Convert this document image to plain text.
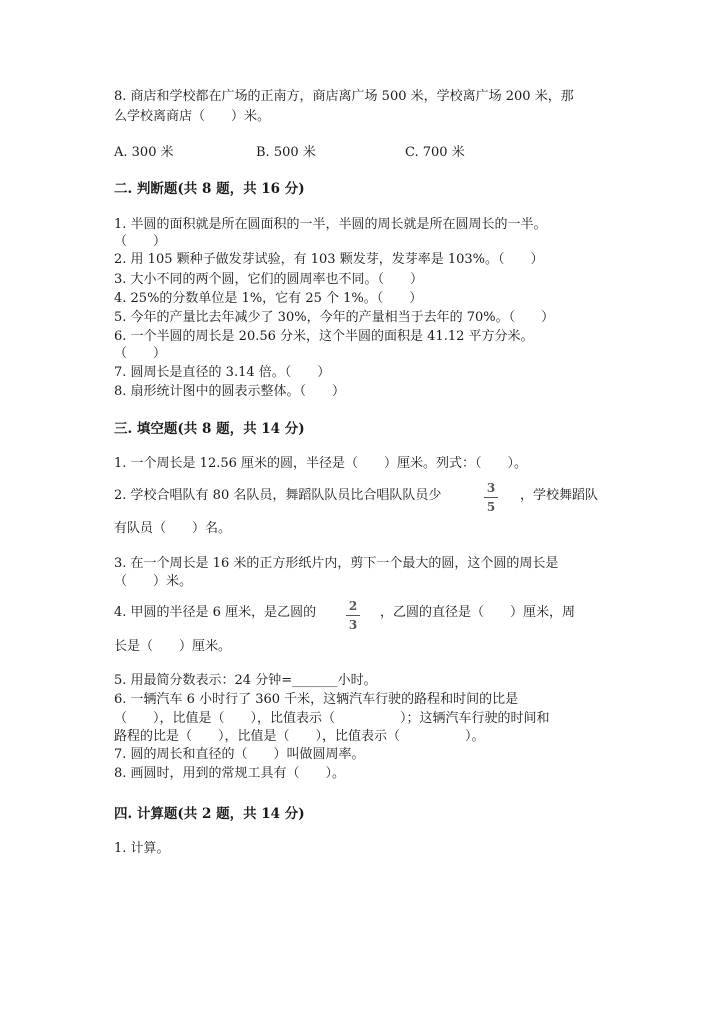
8. 商店和学校都在广场的正南方，商店离广场 500 米，学校离广场 200 米，那
么学校离商店（　　）米。
A. 300 米	B. 500 米	C. 700 米
二. 判断题(共 8 题，共 16 分)
1. 半圆的面积就是所在圆面积的一半，半圆的周长就是所在圆周长的一半。
（　　）
2. 用 105 颗种子做发芽试验，有 103 颗发芽，发芽率是 103%。（　　）
3. 大小不同的两个圆，它们的圆周率也不同。（　　）
4. 25%的分数单位是 1%，它有 25 个 1%。（　　）
5. 今年的产量比去年减少了 30%，今年的产量相当于去年的 70%。（　　）
6. 一个半圆的周长是 20.56 分米，这个半圆的面积是 41.12 平方分米。
（　　）
7. 圆周长是直径的 3.14 倍。（　　）
8. 扇形统计图中的圆表示整体。（　　）
三. 填空题(共 8 题，共 14 分)
1. 一个周长是 12.56 厘米的圆，半径是（　　）厘米。列式：（　　）。
2. 学校合唱队有 80 名队员，舞蹈队队员比合唱队队员少	3
5
，学校舞蹈队
有队员（　　）名。
3. 在一个周长是 16 米的正方形纸片内，剪下一个最大的圆，这个圆的周长是
（　　）米。
4. 甲圆的半径是 6 厘米，是乙圆的	2
3
，乙圆的直径是（　　）厘米，周
长是（　　）厘米。
5. 用最简分数表示：24 分钟=_______小时。
6. 一辆汽车 6 小时行了 360 千米，这辆汽车行驶的路程和时间的比是
（　　），比值是（　　），比值表示（　　　　　）；这辆汽车行驶的时间和
路程的比是（　　），比值是（　　），比值表示（　　　　　）。
7. 圆的周长和直径的（　　）叫做圆周率。
8. 画圆时，用到的常规工具有（　　）。
四. 计算题(共 2 题，共 14 分)
1. 计算。
